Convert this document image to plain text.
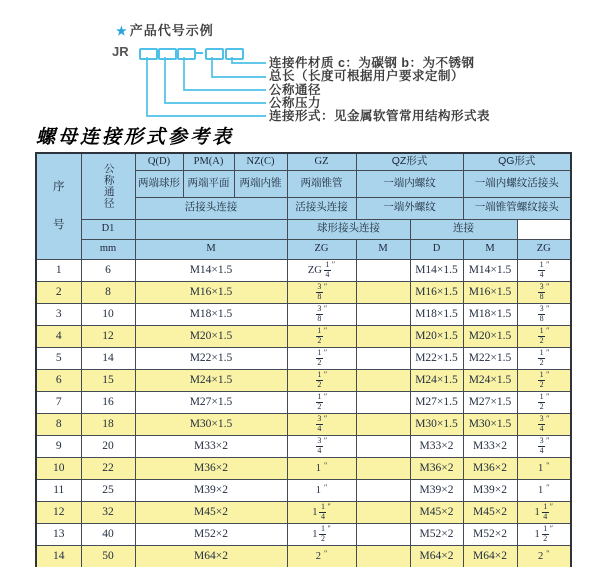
★ 产品代号示例
JR
连接件材质 c：为碳钢 b：为不锈钢
总长（长度可根据用户要求定制）
公称通径
公称压力
连接形式：见金属软管常用结构形式表
螺母连接形式参考表
序
号	公称通径	Q(D)	PM(A)	NZ(C)	GZ	QZ形式		QG形式	
		两端球形	两端平面	两端内锥	两端锥管	一端内螺纹		一端内螺纹活接头	
		活接头连接			活接头连接	一端外螺纹		一端锥管螺纹接头	
	D1				球形接头连接		连接		
	mm	M			ZG	M	D	M	ZG
1	6	M14×1.5			ZG $\frac{1}{4} ''$		M14×1.5	M14×1.5	$\frac{1}{4} ''$
2	8	M16×1.5			$\frac{3}{8} ''$		M16×1.5	M16×1.5	$\frac{3}{8} ''$
3	10	M18×1.5			$\frac{3}{8} ''$		M18×1.5	M18×1.5	$\frac{3}{8} ''$
4	12	M20×1.5			$\frac{1}{2} ''$		M20×1.5	M20×1.5	$\frac{1}{2} ''$
5	14	M22×1.5			$\frac{1}{2} ''$		M22×1.5	M22×1.5	$\frac{1}{2} ''$
6	15	M24×1.5			$\frac{1}{2} ''$		M24×1.5	M24×1.5	$\frac{1}{2} ''$
7	16	M27×1.5			$\frac{1}{2} ''$		M27×1.5	M27×1.5	$\frac{1}{2} ''$
8	18	M30×1.5			$\frac{3}{4} ''$		M30×1.5	M30×1.5	$\frac{3}{4} ''$
9	20	M33×2			$\frac{3}{4} ''$		M33×2	M33×2	$\frac{3}{4} ''$
10	22	M36×2			1 ″		M36×2	M36×2	1 ″
11	25	M39×2			1 ″		M39×2	M39×2	1 ″
12	32	M45×2			$1 \frac{1}{4} ''$		M45×2	M45×2	$1 \frac{1}{4} ''$
13	40	M52×2			$1 \frac{1}{2} ''$		M52×2	M52×2	$1 \frac{1}{2} ''$
14	50	M64×2			2 ″		M64×2	M64×2	2 ″
